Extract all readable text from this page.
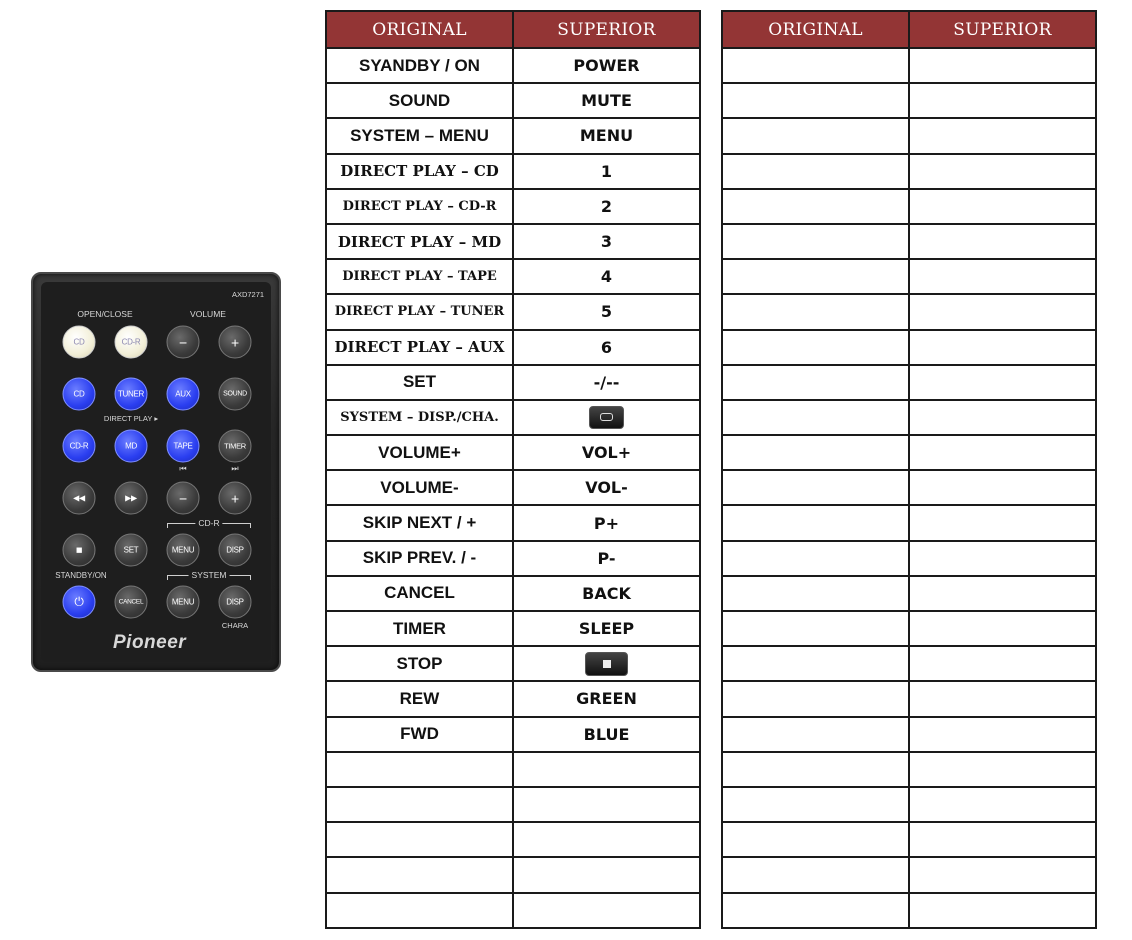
AXD7271
OPEN/CLOSE	VOLUME
CD	CD-R	−	+
CD	TUNER	AUX	SOUND
DIRECT PLAY ▸
CD-R	MD	TAPE	TIMER
⏮	⏭
◀◀	▶▶	−	+
CD-R
■	SET	MENU	DISP
STANDBY/ON	SYSTEM
⏻	CANCEL	MENU	DISP
CHARA
Pioneer
ORIGINAL	SUPERIOR
SYANDBY / ON	POWER
SOUND	MUTE
SYSTEM – MENU	MENU
DIRECT PLAY – CD	1
DIRECT PLAY – CD-R	2
DIRECT PLAY – MD	3
DIRECT PLAY – TAPE	4
DIRECT PLAY – TUNER	5
DIRECT PLAY – AUX	6
SET	-/--
SYSTEM – DISP./CHA.	

VOLUME+	VOL+
VOLUME-	VOL-
SKIP NEXT / +	P+
SKIP PREV. / -	P-
CANCEL	BACK
TIMER	SLEEP
STOP	

REW	GREEN
FWD	BLUE

ORIGINAL	SUPERIOR
